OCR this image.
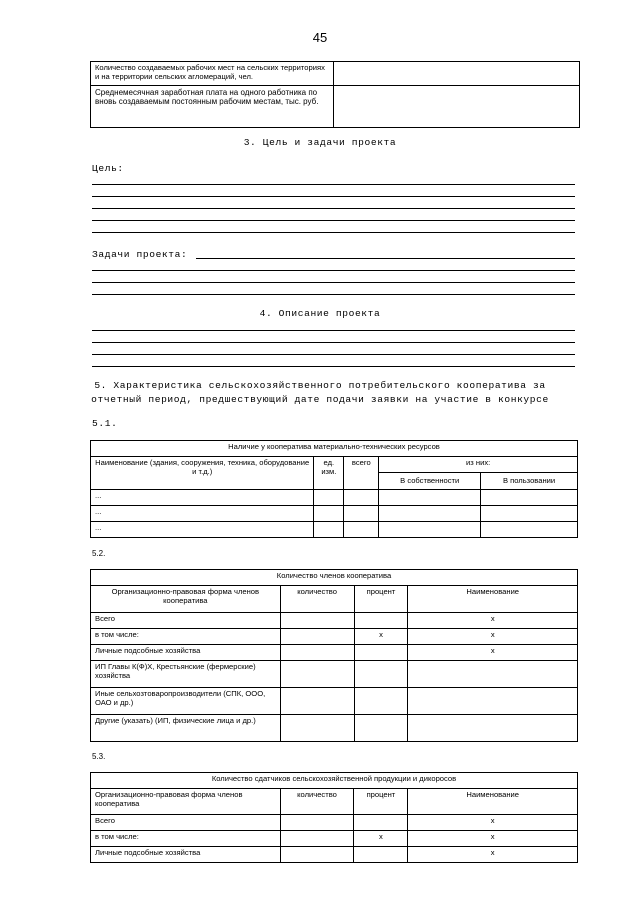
45
Количество создаваемых рабочих мест на сельских территориях и на территории сельских агломераций, чел.	
Среднемесячная заработная плата на одного работника по вновь создаваемым постоянным рабочим местам, тыс. руб.	
3. Цель и задачи проекта
Цель:
Задачи проекта:
4. Описание проекта
5. Характеристика сельскохозяйственного потребительского кооператива за
отчетный период, предшествующий дате подачи заявки на участие в конкурсе
5.1.
Наличие у кооператива материально-технических ресурсов				
Наименование (здания, сооружения, техника, оборудование и т.д.)	ед. изм.	всего	из них:	
			В собственности	В пользовании
...				
...				
...				
5.2.
Количество членов кооператива			
Организационно-правовая форма членов кооператива	количество	процент	Наименование
Всего			х
в том числе:		х	х
Личные подсобные хозяйства			х
ИП Главы К(Ф)Х, Крестьянские (фермерские) хозяйства			
Иные сельхозтоваропроизводители (СПК, ООО, ОАО и др.)			
Другие (указать) (ИП, физические лица и др.)			
5.3.
Количество сдатчиков сельскохозяйственной продукции и дикоросов			
Организационно-правовая форма членов кооператива	количество	процент	Наименование
Всего			х
в том числе:		х	х
Личные подсобные хозяйства			х
